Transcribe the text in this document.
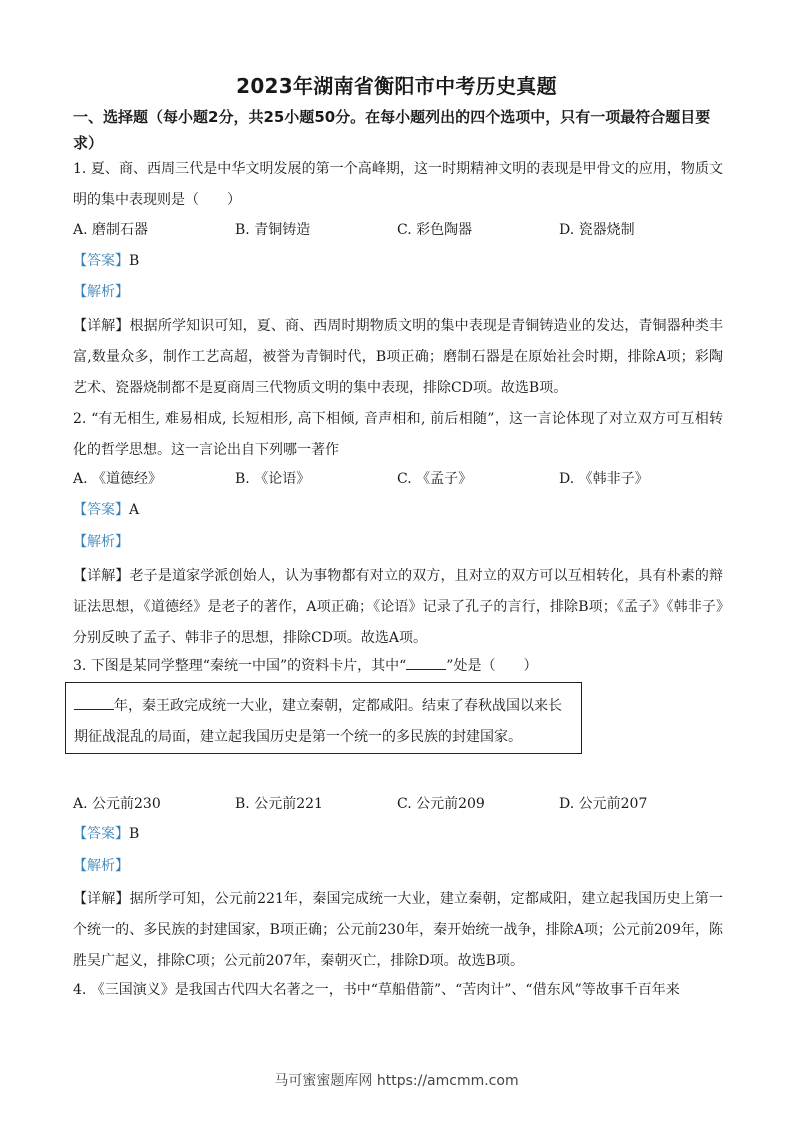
2023年湖南省衡阳市中考历史真题
一、选择题（每小题2分，共25小题50分。在每小题列出的四个选项中，只有一项最符合题目要求）
1. 夏、商、西周三代是中华文明发展的第一个高峰期，这一时期精神文明的表现是甲骨文的应用，物质文明的集中表现则是（　　）
A. 磨制石器	B. 青铜铸造	C. 彩色陶器	D. 瓷器烧制
【答案】B
【解析】
【详解】根据所学知识可知，夏、商、西周时期物质文明的集中表现是青铜铸造业的发达，青铜器种类丰富,数量众多，制作工艺高超，被誉为青铜时代，B项正确；磨制石器是在原始社会时期，排除A项；彩陶艺术、瓷器烧制都不是夏商周三代物质文明的集中表现，排除CD项。故选B项。
2. “有无相生, 难易相成, 长短相形, 高下相倾, 音声相和, 前后相随”，这一言论体现了对立双方可互相转化的哲学思想。这一言论出自下列哪一著作
A. 《道德经》	B. 《论语》	C. 《孟子》	D. 《韩非子》
【答案】A
【解析】
【详解】老子是道家学派创始人，认为事物都有对立的双方，且对立的双方可以互相转化，具有朴素的辩证法思想，《道德经》是老子的著作，A项正确；《论语》记录了孔子的言行，排除B项；《孟子》《韩非子》分别反映了孟子、韩非子的思想，排除CD项。故选A项。
3. 下图是某同学整理“秦统一中国”的资料卡片，其中“	”处是（　　）
年，秦王政完成统一大业，建立秦朝，定都咸阳。结束了春秋战国以来长期征战混乱的局面，建立起我国历史是第一个统一的多民族的封建国家。
A. 公元前230	B. 公元前221	C. 公元前209	D. 公元前207
【答案】B
【解析】
【详解】据所学可知，公元前221年，秦国完成统一大业，建立秦朝，定都咸阳，建立起我国历史上第一个统一的、多民族的封建国家，B项正确；公元前230年，秦开始统一战争，排除A项；公元前209年，陈胜吴广起义，排除C项；公元前207年，秦朝灭亡，排除D项。故选B项。
4. 《三国演义》是我国古代四大名著之一，书中“草船借箭”、“苦肉计”、“借东风”等故事千百年来
马可蜜蜜题库网 https://amcmm.com
